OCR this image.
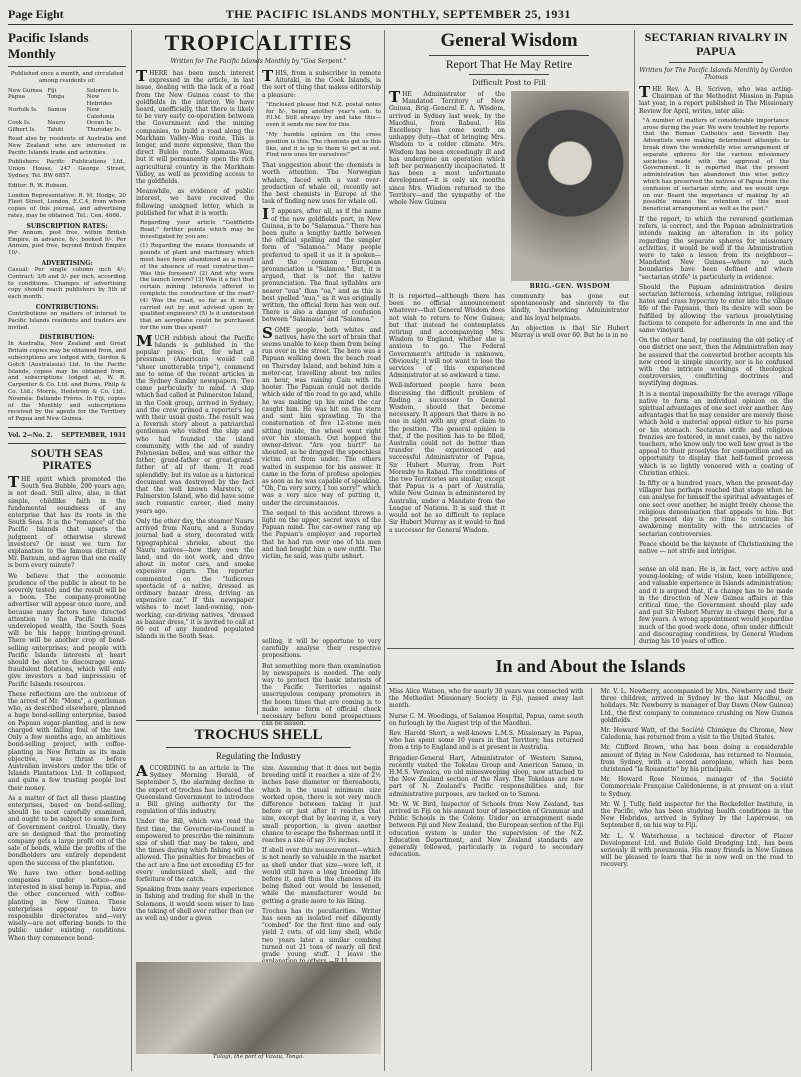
Page Eight	THE PACIFIC ISLANDS MONTHLY, SEPTEMBER 25, 1931
Pacific Islands Monthly

Published once a month, and circulated among residents of:

New Guinea Fiji	Solomon Is.
Papua	Tonga	New Hebrides
Norfolk Is.	Samoa	New Caledonia
Cook Is.	Nauru	Ocean Is.
Gilbert Is.	Tahiti	Thursday Is.

Read also by residents of Australia and New Zealand who are interested in Pacific Islands trade and activities.

Publishers: Pacific Publications Ltd., Union House, 247 George Street, Sydney. Tel. BW 6857.

Editor: R. W. Robson.

London Representative: R. M. Hodge, 20 Fleet Street, London, E.C.4, from whom copies of this journal, and advertising rates, may be obtained. Tel.: Cen. 4666.

SUBSCRIPTION RATES:

Per Annum, post free, within British Empire, in advance, 8/-; booked 9/-. Per Annum, post free, beyond British Empire 10/-.

ADVERTISING:

Casual: Per single column inch 4/-; Contract: 3/6 and 3/- per inch, according to conditions. Changes of advertising copy should reach publishers by 5th of each month.

CONTRIBUTIONS:

Contributions on matters of interest to Pacific Islands residents and traders are invited.

DISTRIBUTION:

In Australia, New Zealand and Great Britain copies may be obtained from, and subscriptions are lodged with, Gordon & Gotch (Australasia) Ltd. In the Pacific Islands, copies may be obtained from, and subscriptions lodged at, W. R. Carpenter & Co. Ltd. and Burns, Philp & Co. Ltd.; Morris, Hedstrom & Co. Ltd.; Nouméa: Ballande Frères. In Fiji, copies of the Monthly and subscriptions received by the agents for the Territory of Papua and New Guinea.

Vol. 2—No. 2. SEPTEMBER, 1931
SOUTH SEAS PIRATES

THE spirit which promoted the South Sea Bubble, 200 years ago, is not dead. Still alive, also, is that simple, childlike faith in the fundamental soundness of any enterprise that has its roots in the South Seas. It is the "romance" of the Pacific Islands that upsets the judgment of otherwise shrewd investors? Or must we turn for explanation to the famous dictum of Mr. Barnum, and agree that one really is born every minute?

We believe that the economic prudence of the public is about to be severely tested; and the result will be a boon. The company-promoting advertiser will appear once more, and because many factors have directed attention to the Pacific Islands' undeveloped wealth, the South Seas will be his happy hunting-ground. There will be another crop of bond-selling enterprises; and people with Pacific Islands interests at heart should be alert to discourage semi-fraudulent flotations, which will only give investors a bad impression of Pacific Islands resources.

These reflections are the outcome of the arrest of Mr. "Mons", a gentleman who, as described elsewhere, planned a huge bond-selling enterprise, based on Papuan sugar-planting, and is now charged with falling foul of the law. Only a few months ago, an ambitious bond-selling project, with coffee-planting in New Britain as its main objective, was thrust before Australian investors under the title of Islands Plantations Ltd. It collapsed, and quite a few trusting people lost their money.

As a matter of fact all these planting enterprises, based on bond-selling, should be most carefully examined, and ought to be subject to some form of Government control. Usually, they are so designed that the promoting company gets a large profit out of the sale of bonds, while the profits of the bondholders are entirely dependent upon the success of the plantation.

We have two other bond-selling companies under notice—one interested in sisal hemp in Papua, and the other concerned with coffee-planting in New Guinea. These enterprises appear to have responsible directorates and—very wisely—are not offering bonds to the public under existing conditions. When they commence bond-

TROPICALITIES
Written for The Pacific Islands Monthly by "Goa Serpent."

THERE has been much interest expressed in the article, in last issue, dealing with the lack of a road from the New Guinea coast to the goldfields in the interior. We have heard, unofficially, that there is likely to be very early co-operation between the Government and the mining companies, to build a road along the Markham Valley–Wau route. This is longer, and more expensive, than the direct Bulolo route. Salamaua–Wau, but it will permanently open the rich agricultural country in the Markham Valley, as well as providing access to the goldfields.

Meanwhile, as evidence of public interest, we have received the following unsigned letter, which is published for what it is worth:

Regarding your article "Goldfields Road," further points which may be investigated by you are:

(1) Regarding the means thousands of pounds of plant and machinery which must have been abandoned as a result of the absence of road construction—Was this foreseen? (2) And why were the launch lowers? (3) Was it a fact that certain mining interests offered to complete the construction of the road? (4) Was the road, so far as it went, carried out by and advised upon by qualified engineers? (5) Is it understood that an aeroplane could be purchased for the sum thus spent?

MUCH rubbish about the Pacific Islands is published in the popular press; but, for what a pressman (Americans would call "sheer unutterable tripe"), commend me to some of the recent articles in the Sydney Sunday newspapers. Two came particularly to mind. A ship which had called at Palmerston Island, in the Cook group, arrived in Sydney; and the crew primed a reporter's leg with their usual gusto. The result was a feverish story about a patriarchal gentleman who visited the ship and who had founded the island community, with the aid of sundry Polynesian belles, and was either the father, grand-father or great-grand-father of all of them. It read splendidly; but its value as a historical document was destroyed by the fact that the well known Marsters, of Palmerston Island, who did have some such romantic career, died many years ago.

Only the other day, the steamer Nauru arrived from Nauru, and a Sunday journal had a story, decorated with typographical shrieks, about the Nauru natives—how they own the land, and do not work, and drive about in motor cars, and smoke expensive cigars. The reporter commented on the "ludicrous spectacle of a native, dressed as ordinary bazaar dress, driving an expensive car." If this newspaper wishes to meet land-owning, non-working, car-driving natives, "dressed as bazaar dress," it is invited to call at 90 out of any hundred populated islands in the South Seas.

THIS, from a subscriber in remote Aitutaki, in the Cook Islands, is the sort of thing that makes editorship a pleasure:

"Enclosed please find N.Z. postal notes for 8/-, being another year's sub. to P.I.M. Still always try and take this—even it sends me new for this.

"My humble opinion on the cross position is this: The chemists get us this like, and it is up to them to get in out. Find new ones for ourselves!"

That suggestion about the chemists is worth attention. The Norwegian whalers, faced with a vast over-production of whale oil, recently set the best chemists in Europe at the task of finding new uses for whale oil.

IT appears, after all, as if the name of the new goldfields port, in New Guinea, is to be "Salamaua." There has been quite a lengthy battle between the official spelling and the simpler form of "Salamoa." Many people preferred to spell it as it is spoken—and the common European pronunciation is "Salamoa." But, it is argued, that is not the native pronunciation. The final syllables are nearer "oua" than "oa," and as this is best spelled "aua," as it was originally written, the official form has won out. There is also a danger of confusion between "Salamaua" and "Salamoa."

SOME people, both whites and natives, have the sort of brain that seems unable to keep them from being run over in the street. The hero was a Papuan walking down the beach road on Thursday Island, and behind him a motor-car, travelling about ten miles an hour, was raising Cain with its hooter. The Papuan could not decide which side of the road to go and, while he was making up his mind the car caught him. He was hit on the stern and sent him sprawling. To the consternation of five 12-stone men sitting inside, the wheel went right over his stomach. Out hopped the owner-driver. "Are you hurt?" he shouted, as he dragged the speechless victim out from under. The others waited in suspense for his answer. It came in the form of profuse apologies as soon as he was capable of speaking. "Oh, I'm very sorry, I too sorry!" which was a very nice way of putting it, under the circumstances.

The sequel to this accident throws a light on the upper, secret ways of the Papuan mind. The car-owner rang up the Papuan's employer and reported that he had run over one of his men and had bought him a new outfit. The victim, he said, was quite unhurt.

selling, it will be opportune to very carefully analyse their respective propositions.

But something more than examination by newspapers is needed. The only way to protect the basic interests of the Pacific Territories against unscrupulous company promoters in the boom times that are coming is to make some form of official check necessary before bond prospectuses can be issued.

TROCHUS SHELL
Regulating the Industry

ACCORDING to an article in The Sydney Morning Herald, of September 5, the alarming decline in the export of trochus has induced the Queensland Government to introduce a Bill giving authority for the regulation of this industry.

Under the Bill, which was read the first time, the Governor-in-Council is empowered to prescribe the minimum size of shell that may be taken, and the times during which fishing will be allowed. The penalties for breaches of the act are a fine not exceeding £5 for every undersized shell, and the forfeiture of the catch.

Speaking from many years experience in fishing and trading for shell in the Solomons, it would seem wiser to ban the taking of shell over rather than (or as well as) under a given

size. Assuming that it does not begin breeding until it reaches a size of 2½ inches base diameter or thereabouts, which is the usual minimum size worked upon, there is not very much difference between taking it just before or just after it reaches that size, except that by leaving it, a very small proportion, is given another chance to escape the fisherman until it reaches a size of say 3½ inches.

If shell over this measurement—which is not nearly so valuable in the market as shell under that size—were left, it would still have a long breeding life before it, and thus the chances of its being fished out would be lessened, while the manufacturer would be getting a grade more to his liking.

Trochus has its peculiarities. Writer has seen an isolated reef diligently "combed" for the first time and only yield 2 cwts. of old limy shell, while two years later a similar combing turned out 21 tons of nearly all first grade young stuff. I leave the

Tulagi, the port of Vavau, Tonga.
General Wisdom
Report That He May Retire
Difficult Post to Fill

THE Administrator of the Mandated Territory of New Guinea, Brig.-General E. A. Wisdom, arrived in Sydney last week, by the Macdhui, from Rabaul. His Excellency has come south on unhappy duty—that of bringing Mrs. Wisdom to a colder climate. Mrs. Wisdom has been exceedingly ill and has undergone an operation which left her permanently incapacitated. It has been a most unfortunate development—it is only six months since Mrs. Wisdom returned to the Territory—and the sympathy of the whole New Guinea

BRIG.-GEN. WISDOM

It is reported—although there has been no official announcement whatever—that General Wisdom does not wish to return to New Guinea; but that instead he contemplates retiring and accompanying Mrs. Wisdom to England, whither she is anxious to go. The Federal Government's attitude is unknown. Obviously, it will not want to lose the services of this experienced Administrator at so awkward a time.

Well-informed people have been discussing the difficult problem of finding a successor to General Wisdom, should that become necessary. It appears that there is no one in sight with any great claim to the position. The general opinion is that, if the position has to be filled, Australia could not do better than transfer the experienced and successful Administrator of Papua, Sir Hubert Murray, from Port Moresby to Rabaul. The conditions of the two Territories are similar, except that Papua is a part of Australia, while New Guinea is administered by Australia, under a Mandate from the League of Nations. It is said that it would not be so difficult to replace Sir Hubert Murray as it would to find a successor for General Wisdom.

community has gone out spontaneously and sincerely to the kindly, hardworking Administrator and his loyal helpmate.

An objection is that Sir Hubert Murray is well over 60. But he is in no

SECTARIAN RIVALRY IN PAPUA
Written for The Pacific Islands Monthly by Gordon Thomas

THE Rev. A. H. Scriven, who was acting-Chairman of the Methodist Mission in Papua last year, in a report published in The Missionary Review for April, writes, inter alia:

"A number of matters of considerable importance arose during the year. We were troubled by reports that the Roman Catholics and Seventh Day Adventists were making determined attempts to break down the wonderfully wise arrangement of separate spheres for the various missionary societies made with the approval of the Government. It is reported that the present administration has abandoned this wise policy which has preserved the natives of Papua from the confusion of sectarian strife; and we would urge on our Board the importance of making by all possible means the retention of this most beneficial arrangement as well as the past."

If the report, to which the reverend gentleman refers, is correct, and the Papuan administration intends making an alteration in its policy regarding the separate spheres for missionary activities, it would be well if the Administration were to take a lesson from its neighbour—Mandated New Guinea—where no such boundaries have been defined and where "sectarian strife" is particularly in evidence.

Should the Papuan administration desire sectarian bitterness, scheming intrigue, religious hates and crass hypocrisy to enter into the village life of the Papuans, then its desire will soon be fulfilled by allowing the various proselytising factions to compete for adherents in one and the same vineyard.

On the other hand, by continuing the old policy of one district one sect, then the Administration may be assured that the converted brother accepts his new creed in simple sincerity, nor is he confused with the intricate workings of theological controversies, conflicting doctrines and mystifying dogmas.

It is a mental impossibility for the average village native to form an individual opinion on the spiritual advantages of one sect over another. Any advantages that he may consider are merely those which hold a material appeal either to his purse or his stomach. Sectarian strife and religious frenzies are fostered, in most cases, by the native teachers, who know only too well how great is the appeal to their proselytes for competition and an opportunity to display that half-tamed prowess which is so lightly veneered with a coating of Christian ethics.

In fifty or a hundred years, when the present-day villager has perhaps reached that stage when he can analyse for himself the spiritual advantages of one sect over another, he might freely choose the religious denomination that appeals to him. But the present day is no time to continue his awakening mentality with the intricacies of sectarian controversies.

Peace should be the keynote of Christianising the native — not strife and intrigue.

In and About the Islands

sense an old man. He is, in fact, very active and young-looking; of wide vision, keen intelligence, and valuable experience in Islands administration; and it is argued that, if a change has to be made in the direction of New Guinea affairs at this critical time, the Government should play safe and put Sir Hubert Murray in charge there, for a few years. A wrong appointment would jeopardise much of the good work done, often under difficult and discouraging conditions, by General Wisdom during his 10 years of office.

Miss Alice Watson, who for nearly 30 years was connected with the Methodist Missionary Society in Fiji, passed away last month.

Nurse C. M. Woodings, of Salamoa Hospital, Papua, came south on furlough by the August trip of the Macdhui.

Rev. Harold Short, a well-known L.M.S. Missionary in Papua, who has spent some 10 years in that Territory, has returned from a trip to England and is at present in Australia.

Brigadier-General Hart, Administrator of Western Samoa, recently visited the Tokelau Group and American Samoa, in H.M.S. Veronica, on old minesweeping sloop, now attached to the New Zealand section of the Navy. The Tokelaus are now part of N. Zealand's Pacific responsibilities and, for administrative purposes, are tacked on to Samoa.

Mr. W. W. Bird, Inspector of Schools from New Zealand, has arrived in Fiji on his annual tour of inspection of Grammar and Public Schools in the Colony. Under an arrangement made between Fiji and New Zealand, the European section of the Fiji education system is under the supervision of the N.Z. Education Department, and New Zealand standards are generally followed, particularly in regard to secondary education.

Mr. V. L. Newberry, accompanied by Mrs. Newberry and their three children, arrived in Sydney by the last Macdhui, on holidays. Mr. Newberry is manager of Day Dawn (New Guinea) Ltd., the first company to commence crushing on New Guinea goldfields.

Mr. Howard Watt, of the Société Chimique du Chrome, New Caledonia, has returned from a visit to the United States.

Mr. Clifford Brown, who has been doing a considerable amount of flying in New Caledonia, has returned to Nouméa, from Sydney, with a second aeroplane, which has been christened "la Rouanette" by his principals.

Mr. Howard Rose Noumea, manager of the Société Commerciale Française Calédonienne, is at present on a visit to Sydney.

Mr. W. J. Tully, field inspector for the Rockefeller Institute, in the Pacific, who has been studying health conditions in the New Hebrides, arrived in Sydney by the Lapérouse, on September 8, on his way to Fiji.

Mr. L. V. Waterhouse, a technical director of Placer Development Ltd. and Bulolo Gold Dredging Ltd., has been seriously ill with pneumonia. His many friends in New Guinea will be pleased to learn that he is now well on the road to recovery.
